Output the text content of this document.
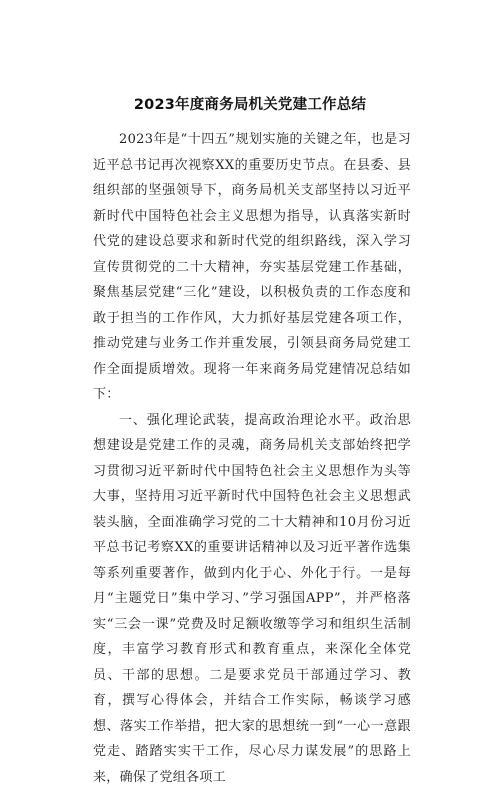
2023年度商务局机关党建工作总结

2023年是“十四五”规划实施的关键之年，也是习近平总书记再次视察XX的重要历史节点。在县委、县组织部的坚强领导下，商务局机关支部坚持以习近平新时代中国特色社会主义思想为指导，认真落实新时代党的建设总要求和新时代党的组织路线，深入学习宣传贯彻党的二十大精神，夯实基层党建工作基础，聚焦基层党建“三化”建设，以积极负责的工作态度和敢于担当的工作作风，大力抓好基层党建各项工作，推动党建与业务工作并重发展，引领县商务局党建工作全面提质增效。现将一年来商务局党建情况总结如下：

一、强化理论武装，提高政治理论水平。政治思想建设是党建工作的灵魂，商务局机关支部始终把学习贯彻习近平新时代中国特色社会主义思想作为头等大事，坚持用习近平新时代中国特色社会主义思想武装头脑，全面准确学习党的二十大精神和10月份习近平总书记考察XX的重要讲话精神以及习近平著作选集等系列重要著作，做到内化于心、外化于行。一是每月“主题党日”集中学习、”学习强国APP”，并严格落实“三会一课”党费及时足额收缴等学习和组织生活制度，丰富学习教育形式和教育重点，来深化全体党员、干部的思想。二是要求党员干部通过学习、教育，撰写心得体会，并结合工作实际，畅谈学习感想、落实工作举措，把大家的思想统一到“一心一意跟党走、踏踏实实干工作，尽心尽力谋发展”的思路上来，确保了党组各项工
